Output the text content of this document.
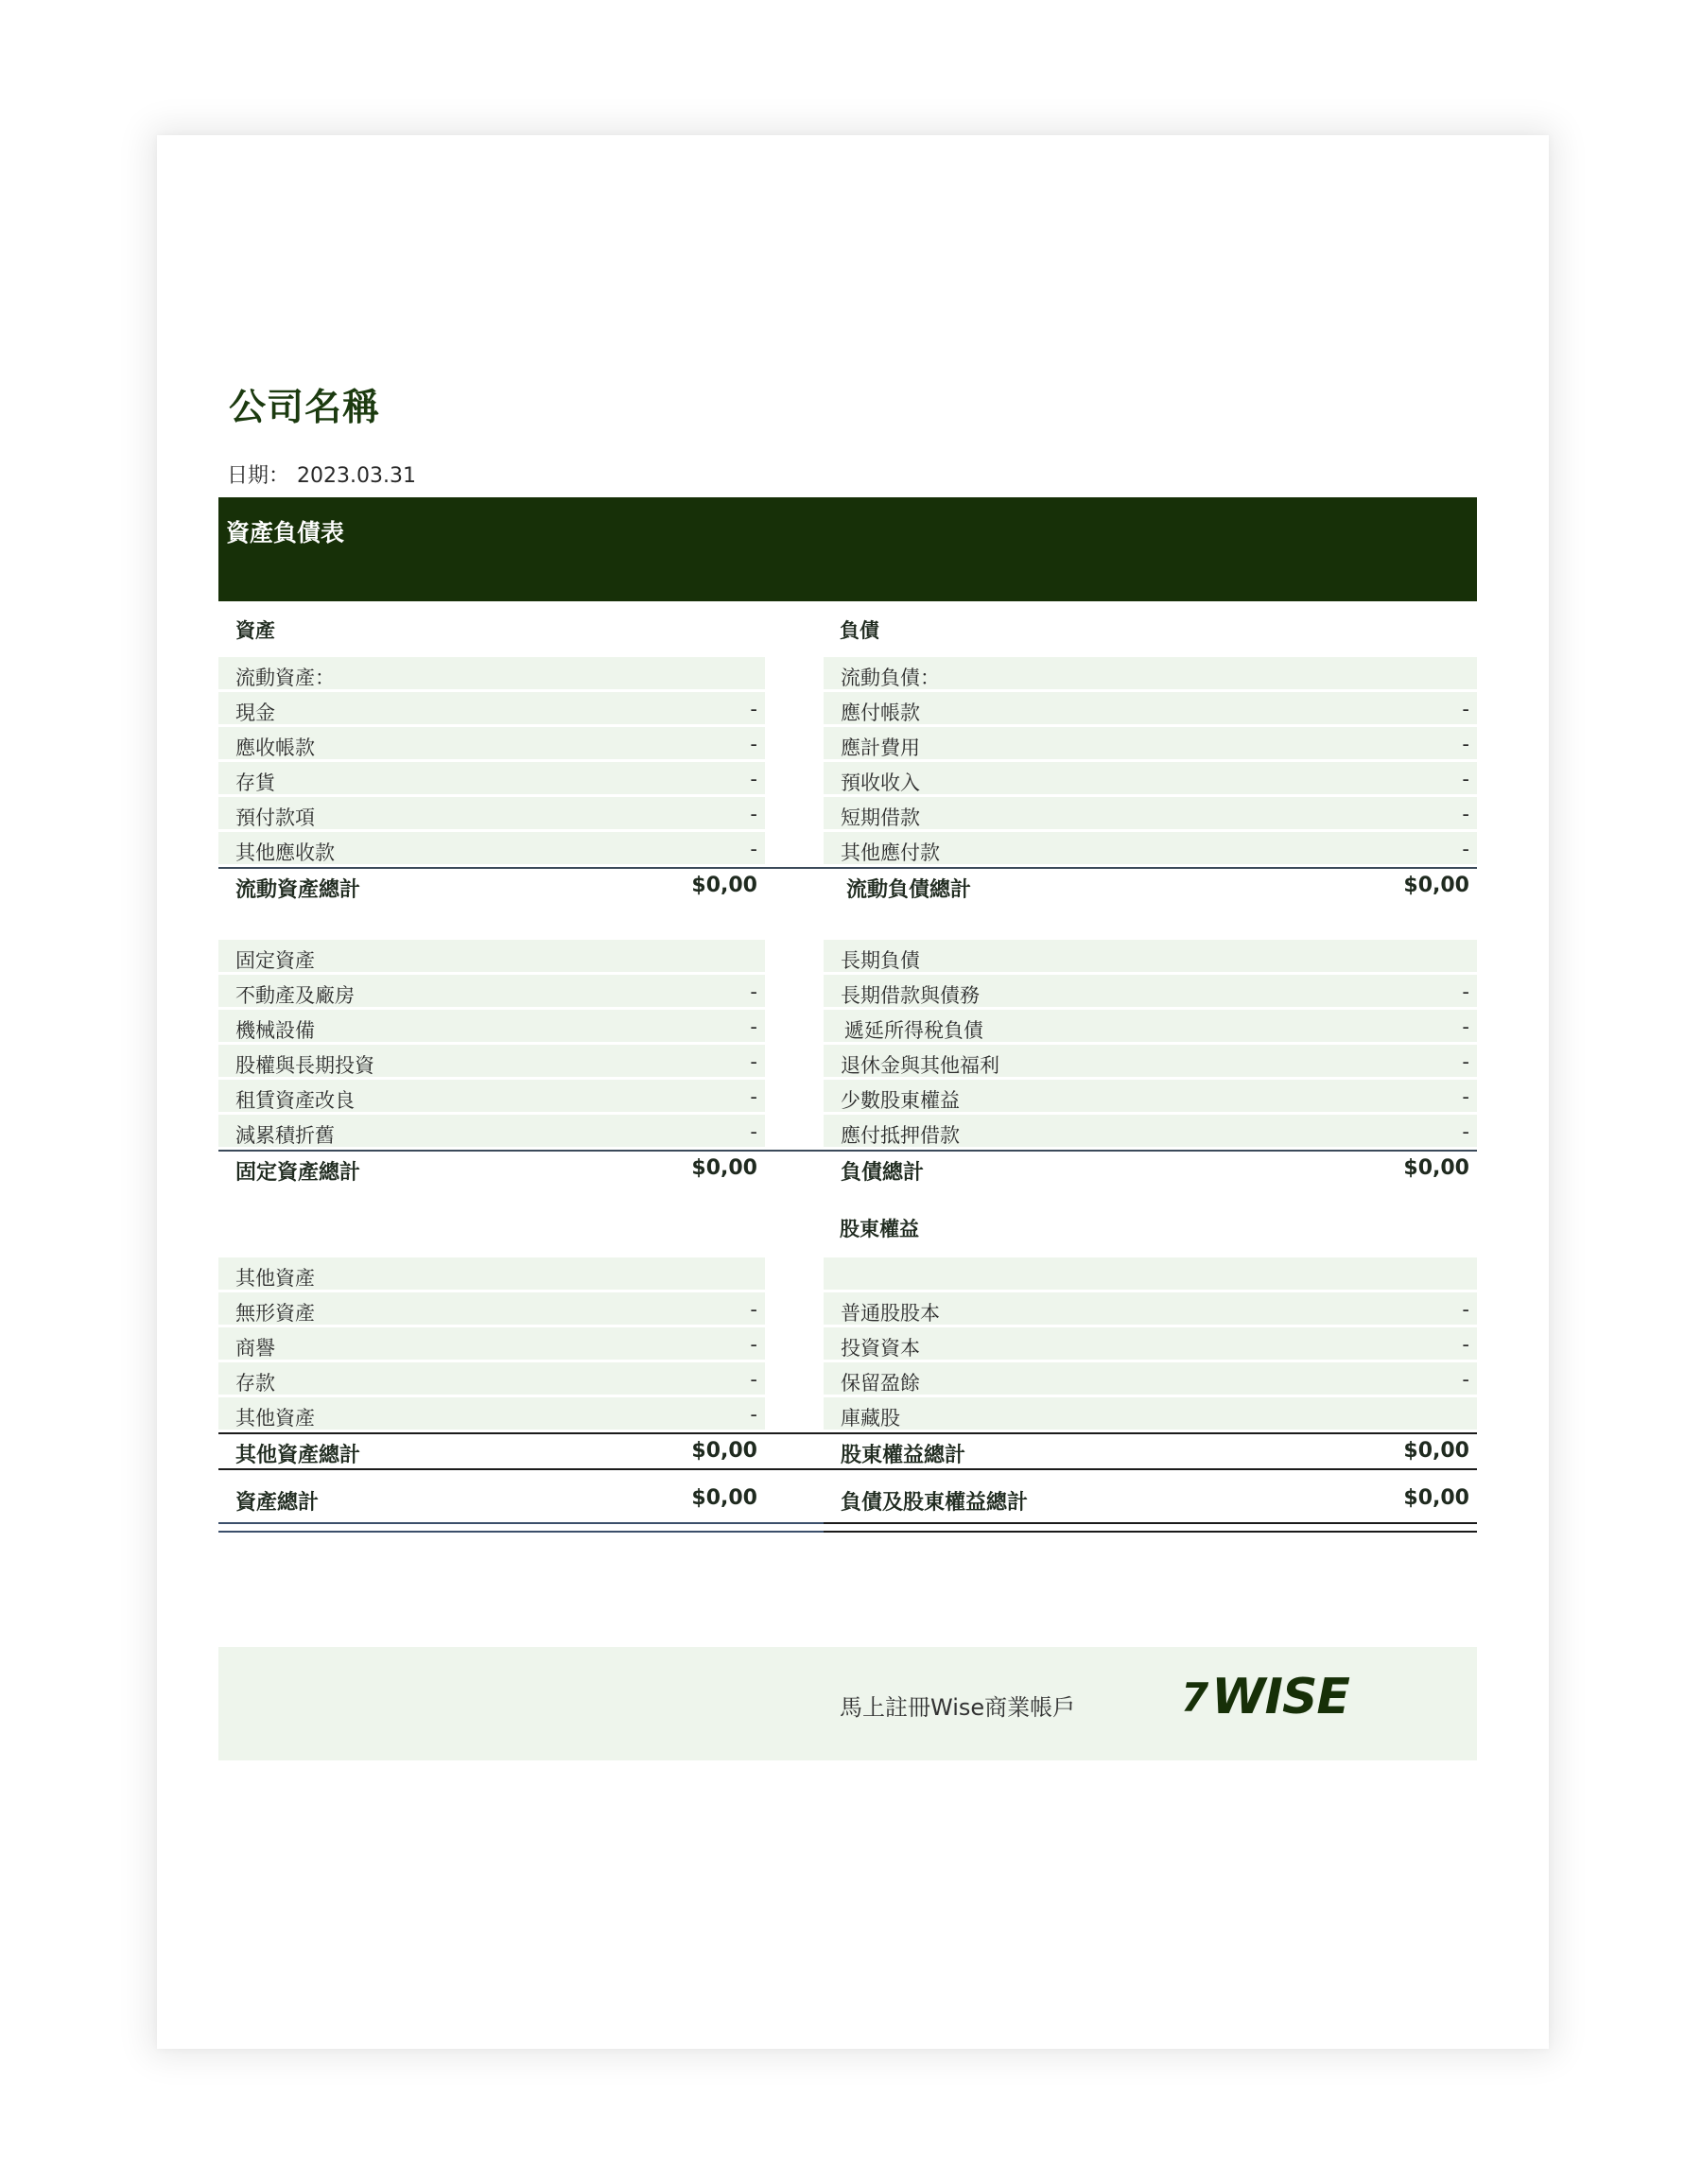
公司名稱
日期： 2023.03.31
資產負債表
資產	負債
流動資產：
現金	-
應收帳款	-
存貨	-
預付款項	-
其他應收款	-
流動資產總計	$0,00
固定資產
不動產及廠房	-
機械設備	-
股權與長期投資	-
租賃資產改良	-
減累積折舊	-
固定資產總計	$0,00
其他資產
無形資產	-
商譽	-
存款	-
其他資產	-
其他資產總計	$0,00
資產總計	$0,00
流動負債：
應付帳款	-
應計費用	-
預收收入	-
短期借款	-
其他應付款	-
流動負債總計	$0,00
長期負債
長期借款與債務	-
遞延所得稅負債	-
退休金與其他福利	-
少數股東權益	-
應付抵押借款	-
負債總計	$0,00
股東權益
普通股股本	-
投資資本	-
保留盈餘	-
庫藏股
股東權益總計	$0,00
負債及股東權益總計	$0,00
馬上註冊Wise商業帳戶	7 WISE
